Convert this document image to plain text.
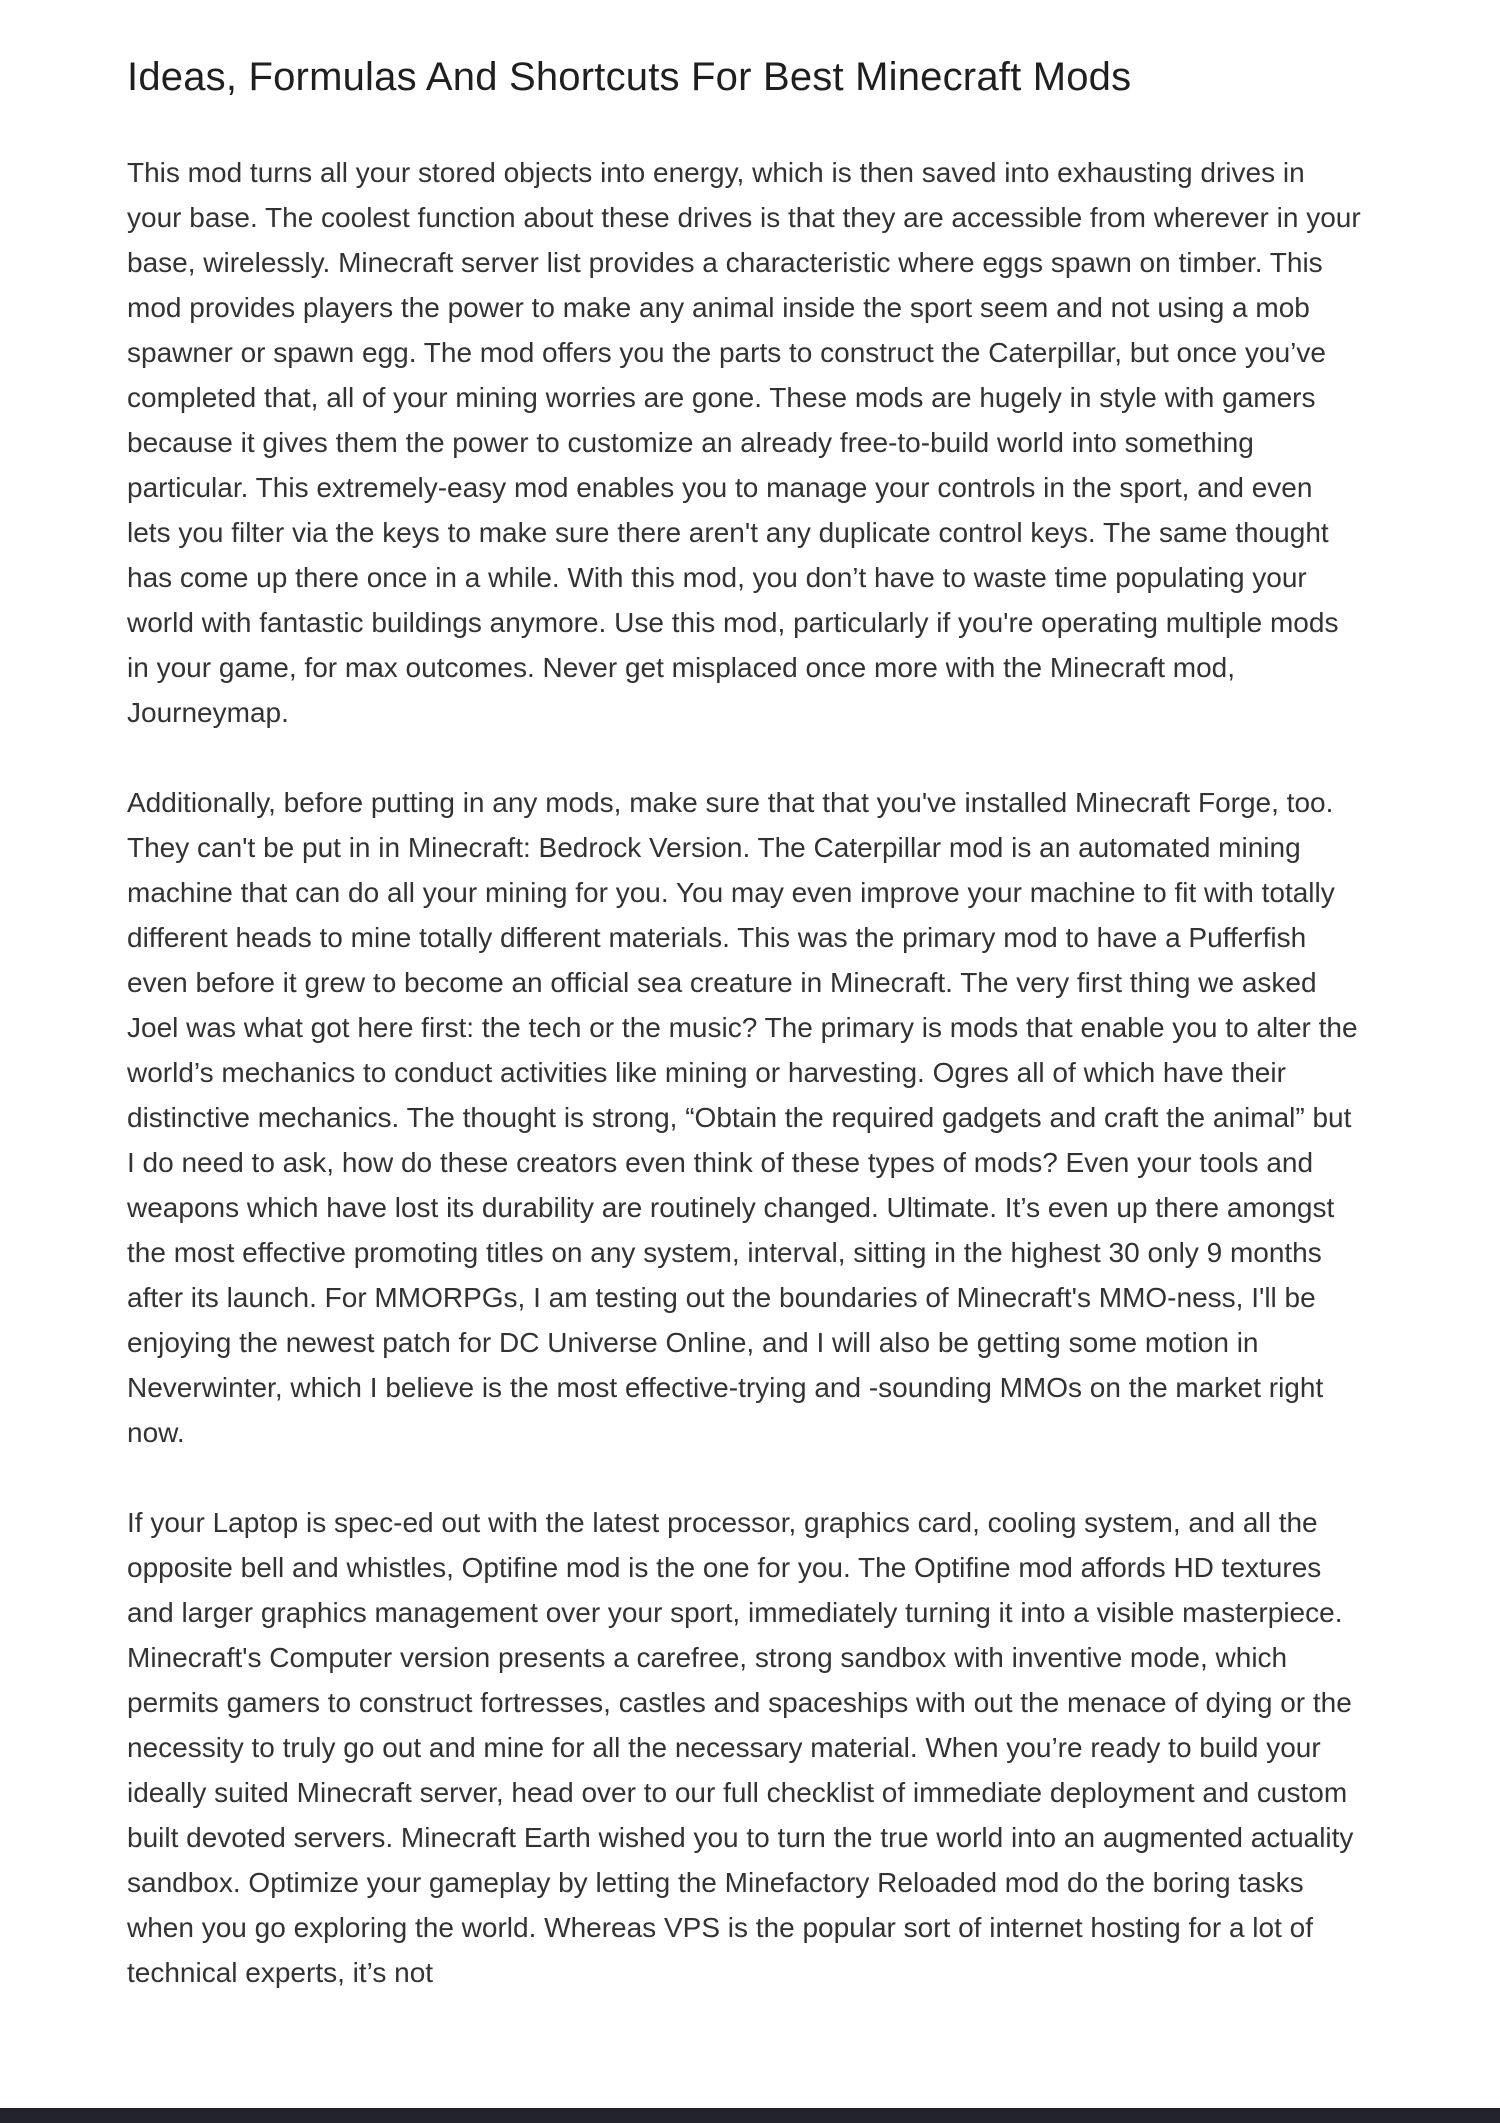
Ideas, Formulas And Shortcuts For Best Minecraft Mods

This mod turns all your stored objects into energy, which is then saved into exhausting drives in your base. The coolest function about these drives is that they are accessible from wherever in your base, wirelessly. Minecraft server list provides a characteristic where eggs spawn on timber. This mod provides players the power to make any animal inside the sport seem and not using a mob spawner or spawn egg. The mod offers you the parts to construct the Caterpillar, but once you’ve completed that, all of your mining worries are gone. These mods are hugely in style with gamers because it gives them the power to customize an already free-to-build world into something particular. This extremely-easy mod enables you to manage your controls in the sport, and even lets you filter via the keys to make sure there aren't any duplicate control keys. The same thought has come up there once in a while. With this mod, you don’t have to waste time populating your world with fantastic buildings anymore. Use this mod, particularly if you're operating multiple mods in your game, for max outcomes. Never get misplaced once more with the Minecraft mod, Journeymap.

Additionally, before putting in any mods, make sure that that you've installed Minecraft Forge, too. They can't be put in in Minecraft: Bedrock Version. The Caterpillar mod is an automated mining machine that can do all your mining for you. You may even improve your machine to fit with totally different heads to mine totally different materials. This was the primary mod to have a Pufferfish even before it grew to become an official sea creature in Minecraft. The very first thing we asked Joel was what got here first: the tech or the music? The primary is mods that enable you to alter the world’s mechanics to conduct activities like mining or harvesting. Ogres all of which have their distinctive mechanics. The thought is strong, “Obtain the required gadgets and craft the animal” but I do need to ask, how do these creators even think of these types of mods? Even your tools and weapons which have lost its durability are routinely changed. Ultimate. It’s even up there amongst the most effective promoting titles on any system, interval, sitting in the highest 30 only 9 months after its launch. For MMORPGs, I am testing out the boundaries of Minecraft's MMO-ness, I'll be enjoying the newest patch for DC Universe Online, and I will also be getting some motion in Neverwinter, which I believe is the most effective-trying and -sounding MMOs on the market right now.

If your Laptop is spec-ed out with the latest processor, graphics card, cooling system, and all the opposite bell and whistles, Optifine mod is the one for you. The Optifine mod affords HD textures and larger graphics management over your sport, immediately turning it into a visible masterpiece. Minecraft's Computer version presents a carefree, strong sandbox with inventive mode, which permits gamers to construct fortresses, castles and spaceships with out the menace of dying or the necessity to truly go out and mine for all the necessary material. When you’re ready to build your ideally suited Minecraft server, head over to our full checklist of immediate deployment and custom built devoted servers. Minecraft Earth wished you to turn the true world into an augmented actuality sandbox. Optimize your gameplay by letting the Minefactory Reloaded mod do the boring tasks when you go exploring the world. Whereas VPS is the popular sort of internet hosting for a lot of technical experts, it’s not
